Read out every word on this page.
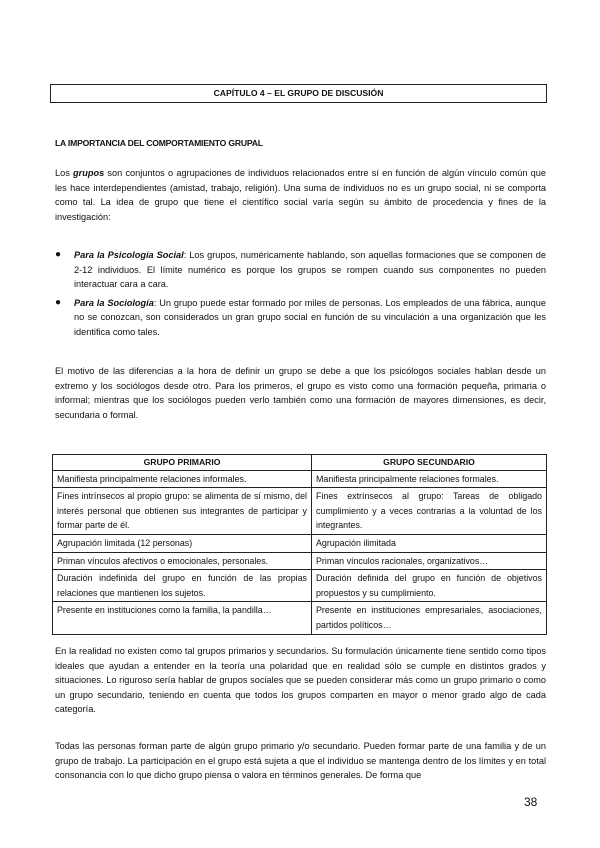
CAPÍTULO 4 – EL GRUPO DE DISCUSIÓN
LA IMPORTANCIA DEL COMPORTAMIENTO GRUPAL

Los grupos son conjuntos o agrupaciones de individuos relacionados entre sí en función de algún vínculo común que les hace interdependientes (amistad, trabajo, religión). Una suma de individuos no es un grupo social, ni se comporta como tal. La idea de grupo que tiene el científico social varía según su ámbito de procedencia y fines de la investigación:

● Para la Psicología Social: Los grupos, numéricamente hablando, son aquellas formaciones que se componen de 2-12 individuos. El límite numérico es porque los grupos se rompen cuando sus componentes no pueden interactuar cara a cara.
● Para la Sociología: Un grupo puede estar formado por miles de personas. Los empleados de una fábrica, aunque no se conozcan, son considerados un gran grupo social en función de su vinculación a una organización que les identifica como tales.

El motivo de las diferencias a la hora de definir un grupo se debe a que los psicólogos sociales hablan desde un extremo y los sociólogos desde otro. Para los primeros, el grupo es visto como una formación pequeña, primaria o informal; mientras que los sociólogos pueden verlo también como una formación de mayores dimensiones, es decir, secundaria o formal.

GRUPO PRIMARIO	GRUPO SECUNDARIO
Manifiesta principalmente relaciones informales.	Manifiesta principalmente relaciones formales.
Fines intrínsecos al propio grupo: se alimenta de sí mismo, del interés personal que obtienen sus integrantes de participar y formar parte de él.	Fines extrínsecos al grupo: Tareas de obligado cumplimiento y a veces contrarias a la voluntad de los integrantes.
Agrupación limitada (12 personas)	Agrupación ilimitada
Priman vínculos afectivos o emocionales, personales.	Priman vínculos racionales, organizativos…
Duración indefinida del grupo en función de las propias relaciones que mantienen los sujetos.	Duración definida del grupo en función de objetivos propuestos y su cumplimiento.
Presente en instituciones como la familia, la pandilla…	Presente en instituciones empresariales, asociaciones, partidos políticos…

En la realidad no existen como tal grupos primarios y secundarios. Su formulación únicamente tiene sentido como tipos ideales que ayudan a entender en la teoría una polaridad que en realidad sólo se cumple en distintos grados y situaciones. Lo riguroso sería hablar de grupos sociales que se pueden considerar más como un grupo primario o como un grupo secundario, teniendo en cuenta que todos los grupos comparten en mayor o menor grado algo de cada categoría.

Todas las personas forman parte de algún grupo primario y/o secundario. Pueden formar parte de una familia y de un grupo de trabajo. La participación en el grupo está sujeta a que el individuo se mantenga dentro de los límites y en total consonancia con lo que dicho grupo piensa o valora en términos generales. De forma que

38
